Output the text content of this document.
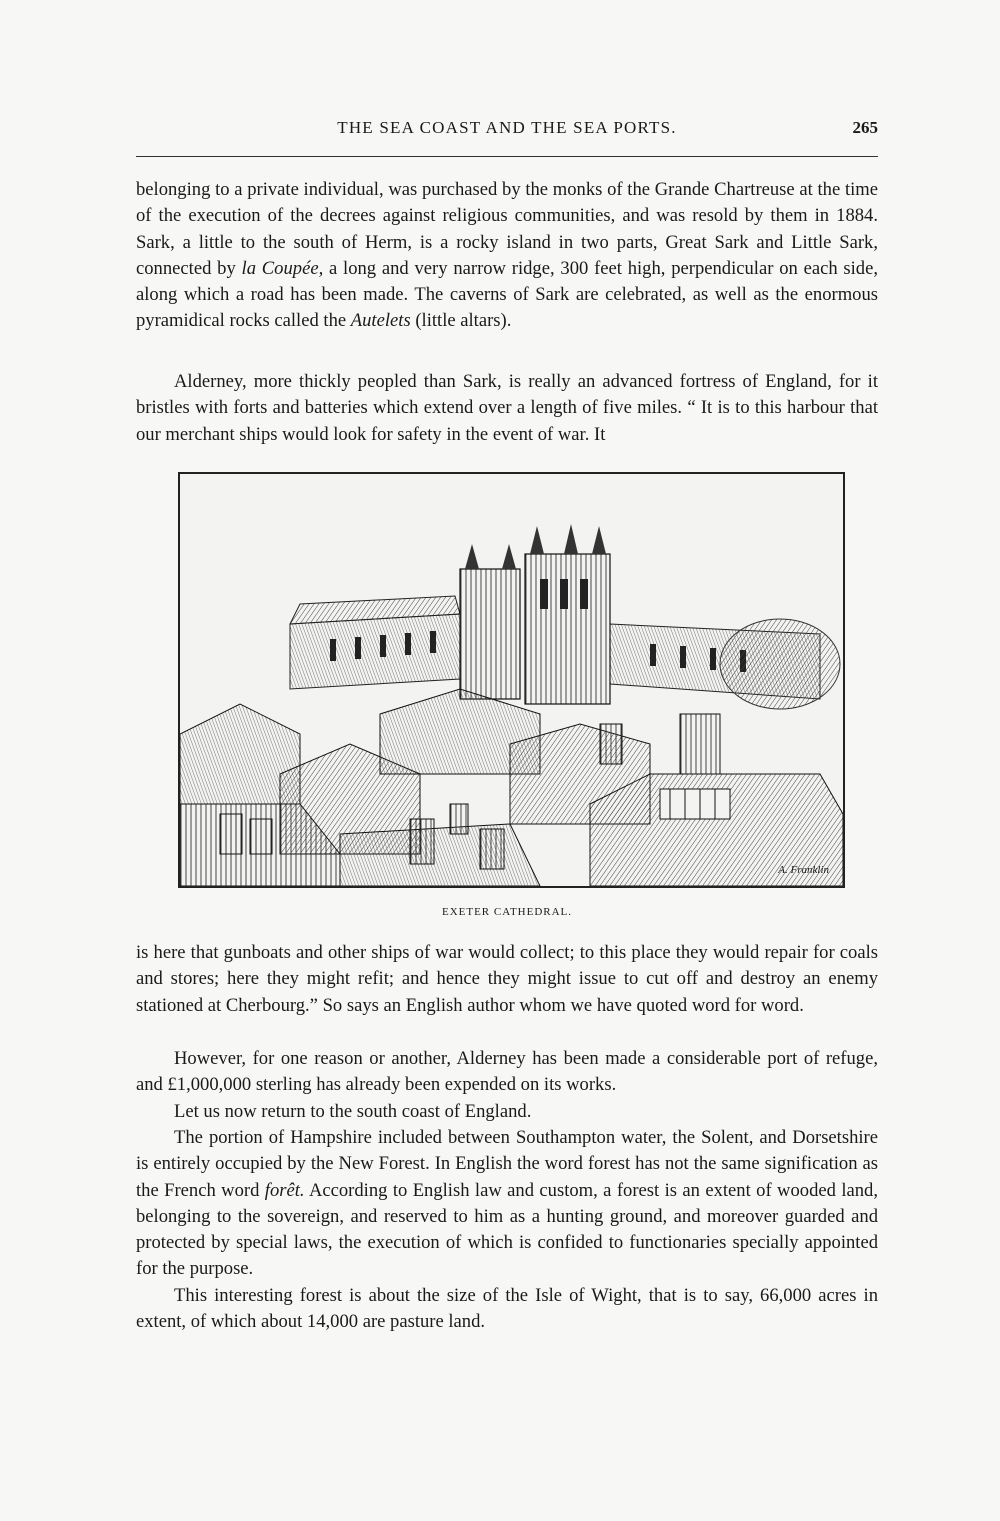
THE SEA COAST AND THE SEA PORTS.	265

belonging to a private individual, was purchased by the monks of the Grande Chartreuse at the time of the execution of the decrees against religious communities, and was resold by them in 1884. Sark, a little to the south of Herm, is a rocky island in two parts, Great Sark and Little Sark, connected by la Coupée, a long and very narrow ridge, 300 feet high, perpendicular on each side, along which a road has been made. The caverns of Sark are celebrated, as well as the enormous pyramidical rocks called the Autelets (little altars).

Alderney, more thickly peopled than Sark, is really an advanced fortress of England, for it bristles with forts and batteries which extend over a length of five miles. “ It is to this harbour that our merchant ships would look for safety in the event of war. It

A. Franklin
EXETER CATHEDRAL.

is here that gunboats and other ships of war would collect; to this place they would repair for coals and stores; here they might refit; and hence they might issue to cut off and destroy an enemy stationed at Cherbourg.” So says an English author whom we have quoted word for word.

However, for one reason or another, Alderney has been made a considerable port of refuge, and £1,000,000 sterling has already been expended on its works.

Let us now return to the south coast of England.

The portion of Hampshire included between Southampton water, the Solent, and Dorsetshire is entirely occupied by the New Forest. In English the word forest has not the same signification as the French word forêt. According to English law and custom, a forest is an extent of wooded land, belonging to the sovereign, and reserved to him as a hunting ground, and moreover guarded and protected by special laws, the execution of which is confided to functionaries specially appointed for the purpose.

This interesting forest is about the size of the Isle of Wight, that is to say, 66,000 acres in extent, of which about 14,000 are pasture land.
